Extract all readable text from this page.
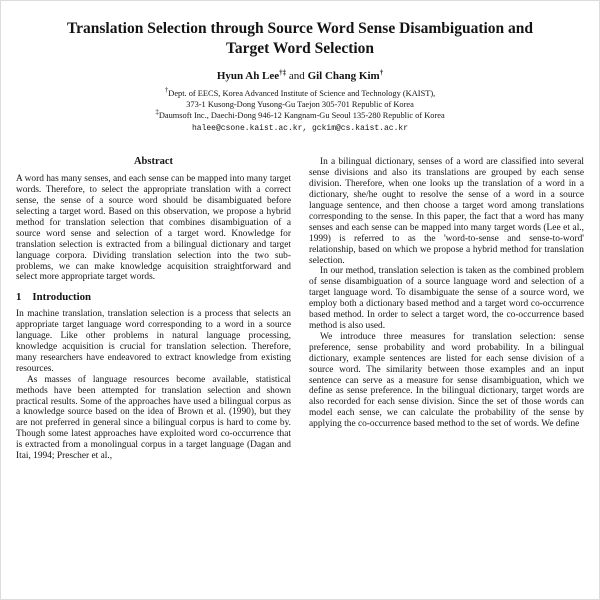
Translation Selection through Source Word Sense Disambiguation and Target Word Selection
Hyun Ah Lee†‡ and Gil Chang Kim†
†Dept. of EECS, Korea Advanced Institute of Science and Technology (KAIST),
373-1 Kusong-Dong Yusong-Gu Taejon 305-701 Republic of Korea
‡Daumsoft Inc., Daechi-Dong 946-12 Kangnam-Gu Seoul 135-280 Republic of Korea
halee@csone.kaist.ac.kr, gckim@cs.kaist.ac.kr
Abstract

A word has many senses, and each sense can be mapped into many target words. Therefore, to select the appropriate translation with a correct sense, the sense of a source word should be disambiguated before selecting a target word. Based on this observation, we propose a hybrid method for translation selection that combines disambiguation of a source word sense and selection of a target word. Knowledge for translation selection is extracted from a bilingual dictionary and target language corpora. Dividing translation selection into the two sub-problems, we can make knowledge acquisition straightforward and select more appropriate target words.

1 Introduction

In machine translation, translation selection is a process that selects an appropriate target language word corresponding to a word in a source language. Like other problems in natural language processing, knowledge acquisition is crucial for translation selection. Therefore, many researchers have endeavored to extract knowledge from existing resources.

As masses of language resources become available, statistical methods have been attempted for translation selection and shown practical results. Some of the approaches have used a bilingual corpus as a knowledge source based on the idea of Brown et al. (1990), but they are not preferred in general since a bilingual corpus is hard to come by. Though some latest approaches have exploited word co-occurrence that is extracted from a monolingual corpus in a target language (Dagan and Itai, 1994; Prescher et al.,

In a bilingual dictionary, senses of a word are classified into several sense divisions and also its translations are grouped by each sense division. Therefore, when one looks up the translation of a word in a dictionary, she/he ought to resolve the sense of a word in a source language sentence, and then choose a target word among translations corresponding to the sense. In this paper, the fact that a word has many senses and each sense can be mapped into many target words (Lee et al., 1999) is referred to as the 'word-to-sense and sense-to-word' relationship, based on which we propose a hybrid method for translation selection.

In our method, translation selection is taken as the combined problem of sense disambiguation of a source language word and selection of a target language word. To disambiguate the sense of a source word, we employ both a dictionary based method and a target word co-occurrence based method. In order to select a target word, the co-occurrence based method is also used.

We introduce three measures for translation selection: sense preference, sense probability and word probability. In a bilingual dictionary, example sentences are listed for each sense division of a source word. The similarity between those examples and an input sentence can serve as a measure for sense disambiguation, which we define as sense preference. In the bilingual dictionary, target words are also recorded for each sense division. Since the set of those words can model each sense, we can calculate the probability of the sense by applying the co-occurrence based method to the set of words. We define
